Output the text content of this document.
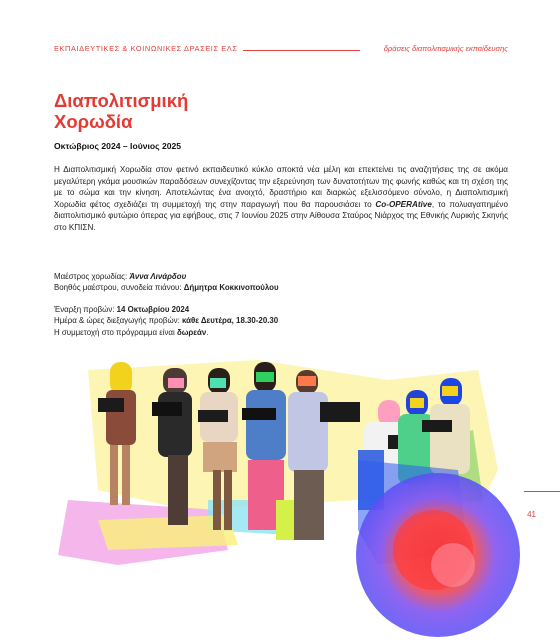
ΕΚΠΑΙΔΕΥΤΙΚΕΣ & ΚΟΙΝΩΝΙΚΕΣ ΔΡΑΣΕΙΣ ΕΛΣ	δράσεις διαπολιτισμικής εκπαίδευσης
Διαπολιτισμική
Χορωδία
Οκτώβριος 2024 – Ιούνιος 2025
Η Διαπολιτισμική Χορωδία στον φετινό εκπαιδευτικό κύκλο αποκτά νέα μέλη και επεκτείνει τις αναζητήσεις της σε ακόμα μεγαλύτερη γκάμα μουσικών παραδόσεων συνεχίζοντας την εξερεύνηση των δυνατοτήτων της φωνής καθώς και τη σχέση της με το σώμα και την κίνηση. Αποτελώντας ένα ανοιχτό, δραστήριο και διαρκώς εξελισσόμενο σύνολο, η Διαπολιτισμική Χορωδία φέτος σχεδιάζει τη συμμετοχή της στην παραγωγή που θα παρουσιάσει το Co-OPERAtive, το πολυαγαπημένο διαπολιτισμικό φυτώριο όπερας για εφήβους, στις 7 Ιουνίου 2025 στην Αίθουσα Σταύρος Νιάρχος της Εθνικής Λυρικής Σκηνής στο ΚΠΙΣΝ.
Μαέστρος χορωδίας: Άννα Λινάρδου
Βοηθός μαέστρου, συνοδεία πιάνου: Δήμητρα Κοκκινοπούλου
Έναρξη προβών: 14 Οκτωβρίου 2024
Ημέρα & ώρες διεξαγωγής προβών: κάθε Δευτέρα, 18.30-20.30
Η συμμετοχή στο πρόγραμμα είναι δωρεάν.
41
